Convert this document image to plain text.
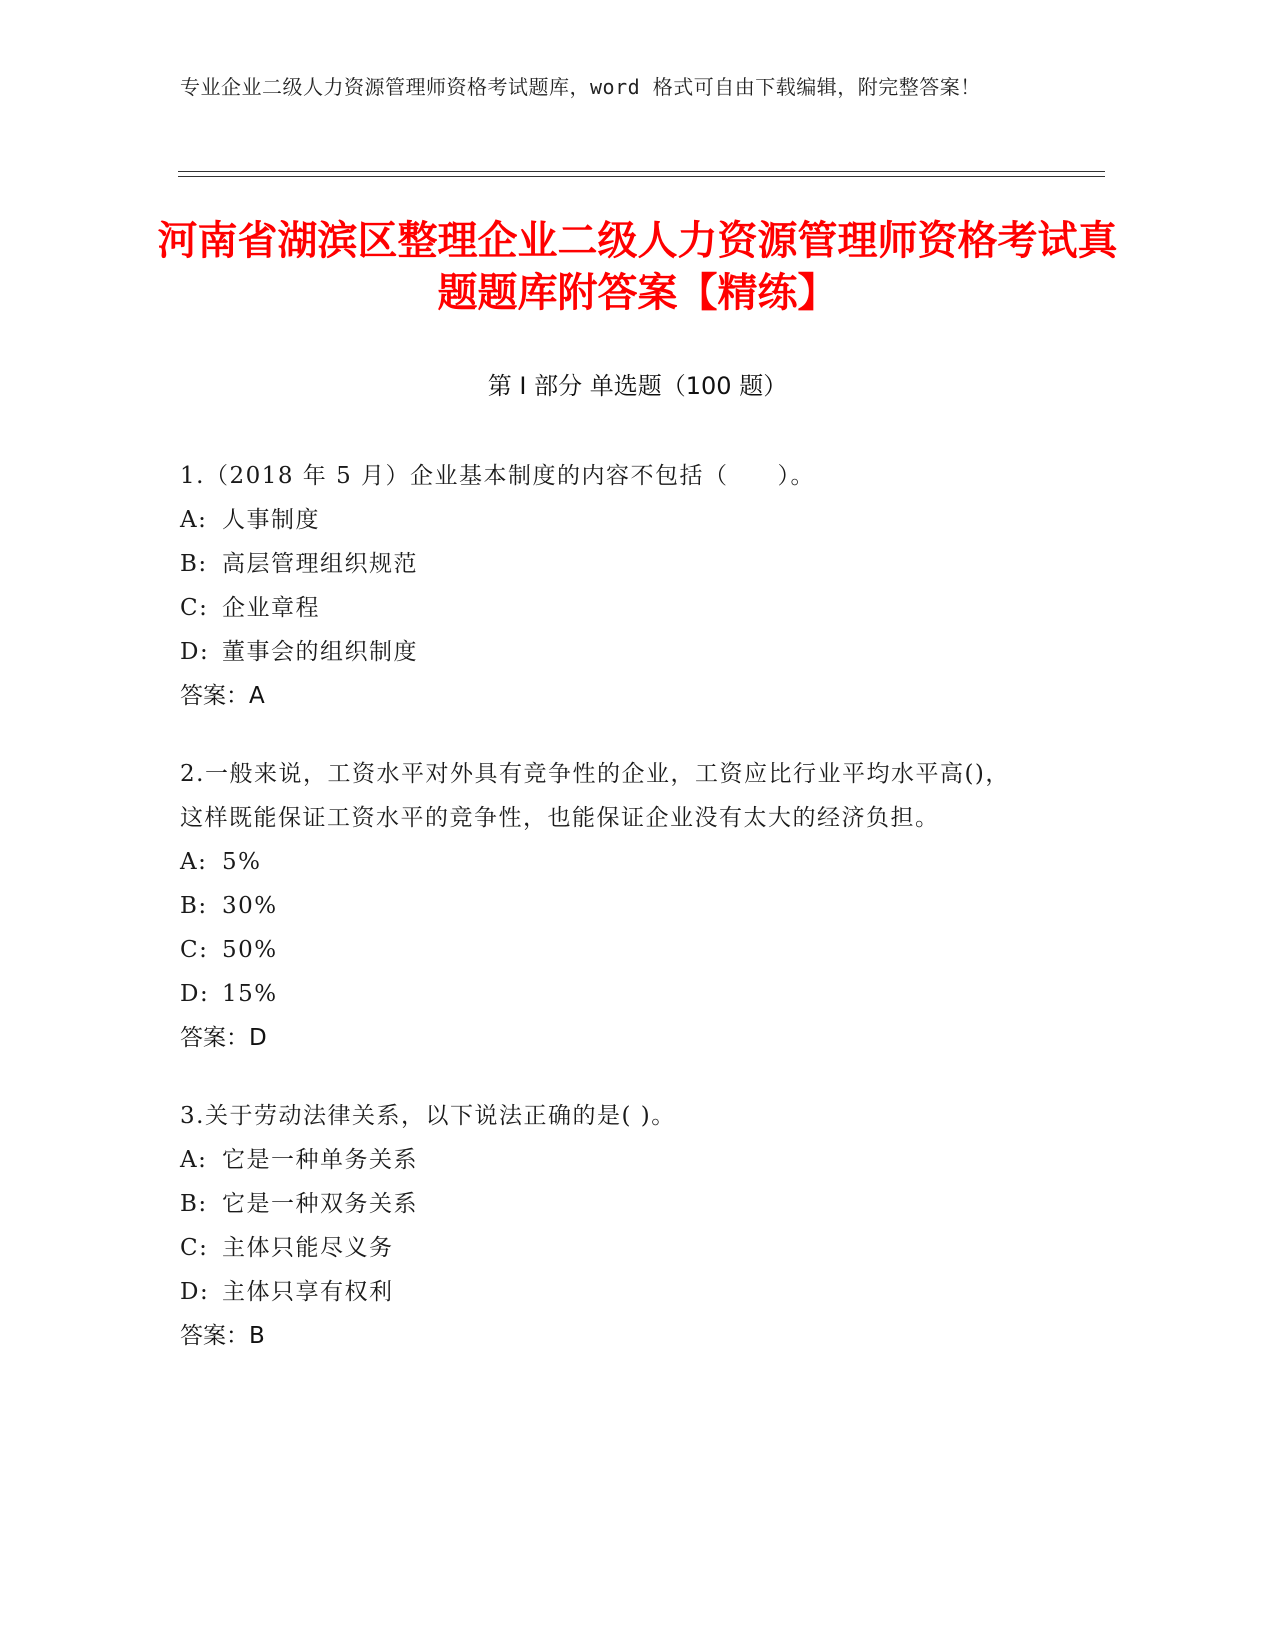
专业企业二级人力资源管理师资格考试题库，word 格式可自由下载编辑，附完整答案！
河南省湖滨区整理企业二级人力资源管理师资格考试真题题库附答案【精练】
第 I 部分 单选题（100 题）

1.（2018 年 5 月）企业基本制度的内容不包括（　　）。

A: 人事制度

B: 高层管理组织规范

C: 企业章程

D: 董事会的组织制度

答案：A

2.一般来说，工资水平对外具有竞争性的企业，工资应比行业平均水平高()，这样既能保证工资水平的竞争性，也能保证企业没有太大的经济负担。

A: 5%

B: 30%

C: 50%

D: 15%

答案：D

3.关于劳动法律关系，以下说法正确的是( )。

A: 它是一种单务关系

B: 它是一种双务关系

C: 主体只能尽义务

D: 主体只享有权利

答案：B
